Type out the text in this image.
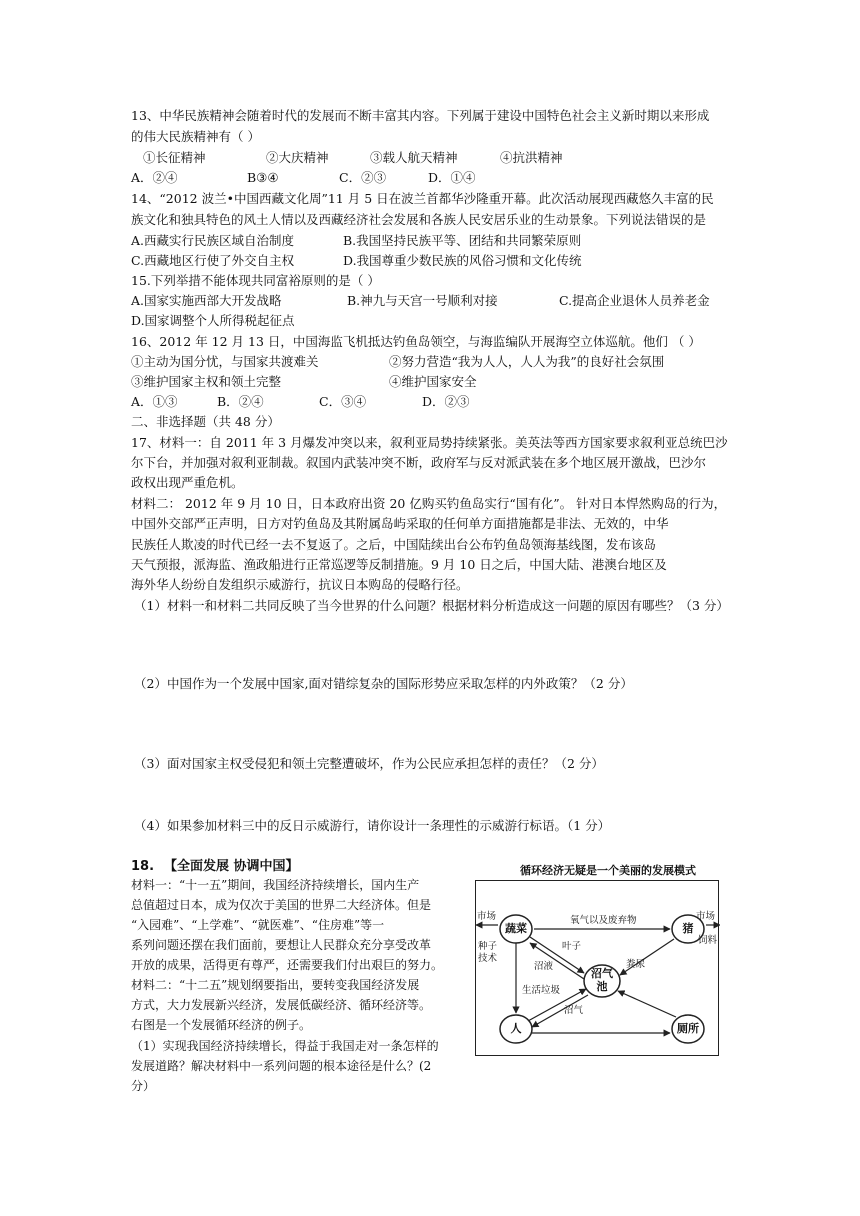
13、中华民族精神会随着时代的发展而不断丰富其内容。下列属于建设中国特色社会主义新时期以来形成
的伟大民族精神有（ ）
①长征精神	②大庆精神	③载人航天精神	④抗洪精神
A．②④	B③④	C．②③	D．①④
14、“2012 波兰•中国西藏文化周”11 月 5 日在波兰首都华沙隆重开幕。此次活动展现西藏悠久丰富的民
族文化和独具特色的风土人情以及西藏经济社会发展和各族人民安居乐业的生动景象。下列说法错误的是
A.西藏实行民族区域自治制度	B.我国坚持民族平等、团结和共同繁荣原则
C.西藏地区行使了外交自主权	D.我国尊重少数民族的风俗习惯和文化传统
15.下列举措不能体现共同富裕原则的是（ ）
A.国家实施西部大开发战略	B.神九与天宫一号顺利对接	C.提高企业退休人员养老金
D.国家调整个人所得税起征点
16、2012 年 12 月 13 日，中国海监飞机抵达钓鱼岛领空，与海监编队开展海空立体巡航。他们 （ ）
①主动为国分忧，与国家共渡难关	②努力营造“我为人人，人人为我”的良好社会氛围
③维护国家主权和领土完整	④维护国家安全
A．①③	B．②④	C．③④	D．②③
二、非选择题（共 48 分）
17、材料一：自 2011 年 3 月爆发冲突以来，叙利亚局势持续紧张。美英法等西方国家要求叙利亚总统巴沙
尔下台，并加强对叙利亚制裁。叙国内武装冲突不断，政府军与反对派武装在多个地区展开激战，巴沙尔
政权出现严重危机。
材料二： 2012 年 9 月 10 日，日本政府出资 20 亿购买钓鱼岛实行“国有化”。 针对日本悍然购岛的行为，
中国外交部严正声明，日方对钓鱼岛及其附属岛屿采取的任何单方面措施都是非法、无效的，中华
民族任人欺凌的时代已经一去不复返了。之后，中国陆续出台公布钓鱼岛领海基线图，发布该岛
天气预报，派海监、渔政船进行正常巡逻等反制措施。9 月 10 日之后，中国大陆、港澳台地区及
海外华人纷纷自发组织示威游行，抗议日本购岛的侵略行径。
（1）材料一和材料二共同反映了当今世界的什么问题？根据材料分析造成这一问题的原因有哪些？（3 分）
（2）中国作为一个发展中国家,面对错综复杂的国际形势应采取怎样的内外政策？（2 分）
（3）面对国家主权受侵犯和领土完整遭破坏，作为公民应承担怎样的责任？（2 分）
（4）如果参加材料三中的反日示威游行，请你设计一条理性的示威游行标语。（1 分）
18. 【全面发展 协调中国】
材料一：“十一五”期间，我国经济持续增长，国内生产
总值超过日本，成为仅次于美国的世界二大经济体。但是
“入园难”、“上学难”、“就医难”、“住房难”等一
系列问题还摆在我们面前，要想让人民群众充分享受改革
开放的成果，活得更有尊严，还需要我们付出艰巨的努力。
材料二：“十二五”规划纲要指出，要转变我国经济发展
方式，大力发展新兴经济，发展低碳经济、循环经济等。
右图是一个发展循环经济的例子。
（1）实现我国经济持续增长，得益于我国走对一条怎样的
发展道路？解决材料中一系列问题的根本途径是什么？(2
分）
循环经济无疑是一个美丽的发展模式
蔬菜	猪
沼气
池
人	厕所
市场	市场
种子
技术
饲料
氧气以及废弃物
叶子
沼液	粪尿
生活垃圾
沼气
